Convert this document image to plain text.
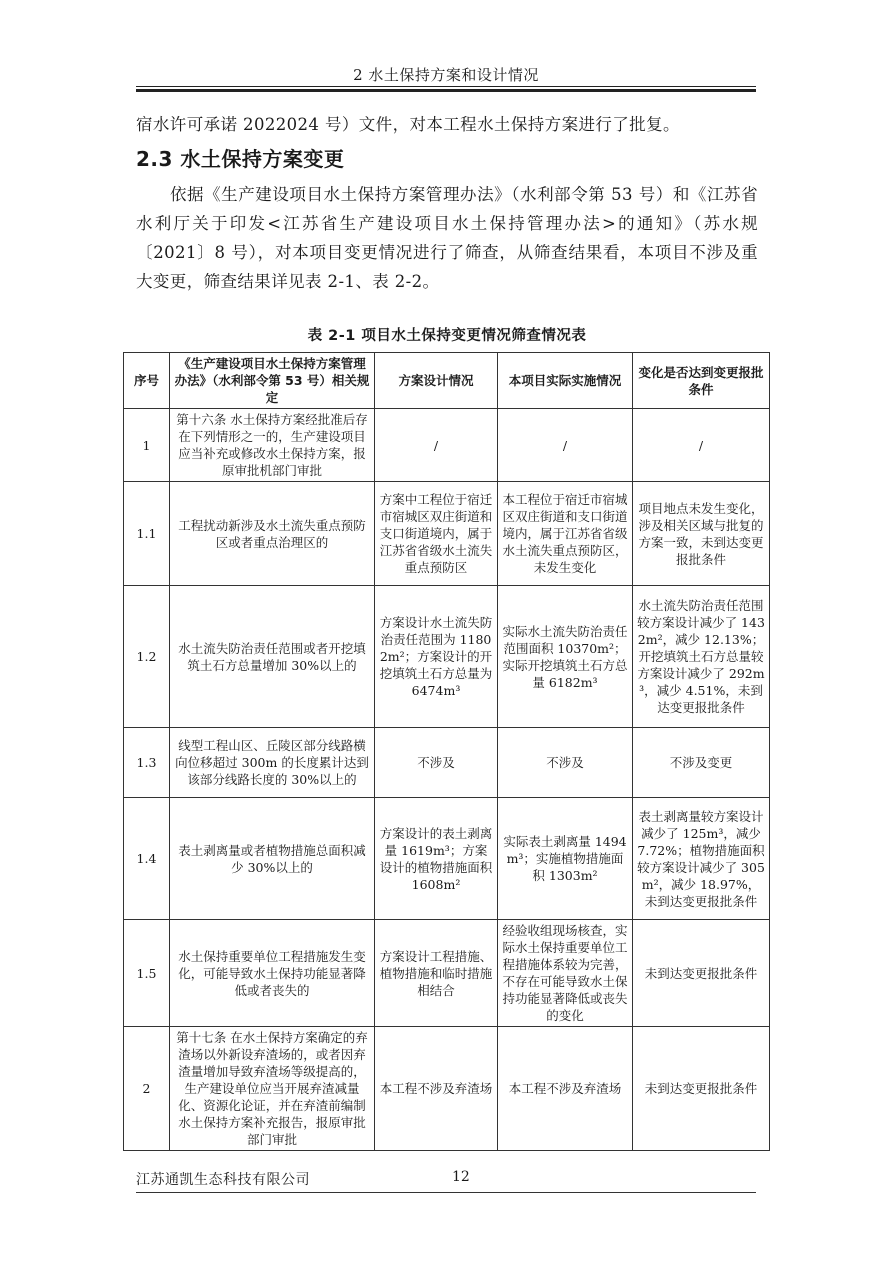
2 水土保持方案和设计情况
宿水许可承诺 2022024 号）文件，对本工程水土保持方案进行了批复。
2.3 水土保持方案变更
依据《生产建设项目水土保持方案管理办法》（水利部令第 53 号）和《江苏省水利厅关于印发<江苏省生产建设项目水土保持管理办法>的通知》（苏水规〔2021〕8 号），对本项目变更情况进行了筛查，从筛查结果看，本项目不涉及重大变更，筛查结果详见表 2-1、表 2-2。
表 2-1 项目水土保持变更情况筛查情况表
序号	《生产建设项目水土保持方案管理办法》（水利部令第 53 号）相关规定	方案设计情况	本项目实际实施情况	变化是否达到变更报批条件
1	第十六条 水土保持方案经批准后存在下列情形之一的，生产建设项目应当补充或修改水土保持方案，报原审批机部门审批	/	/	/
1.1	工程扰动新涉及水土流失重点预防区或者重点治理区的	方案中工程位于宿迁市宿城区双庄街道和支口街道境内，属于江苏省省级水土流失重点预防区	本工程位于宿迁市宿城区双庄街道和支口街道境内，属于江苏省省级水土流失重点预防区，未发生变化	项目地点未发生变化，涉及相关区域与批复的方案一致，未到达变更报批条件
1.2	水土流失防治责任范围或者开挖填筑土石方总量增加 30%以上的	方案设计水土流失防治责任范围为 11802m²；方案设计的开挖填筑土石方总量为 6474m³	实际水土流失防治责任范围面积 10370m²；实际开挖填筑土石方总量 6182m³	水土流失防治责任范围较方案设计减少了 1432m²，减少 12.13%；开挖填筑土石方总量较方案设计减少了 292m³，减少 4.51%，未到达变更报批条件
1.3	线型工程山区、丘陵区部分线路横向位移超过 300m 的长度累计达到该部分线路长度的 30%以上的	不涉及	不涉及	不涉及变更
1.4	表土剥离量或者植物措施总面积减少 30%以上的	方案设计的表土剥离量 1619m³；方案设计的植物措施面积 1608m²	实际表土剥离量 1494m³；实施植物措施面积 1303m²	表土剥离量较方案设计减少了 125m³，减少 7.72%；植物措施面积较方案设计减少了 305m²，减少 18.97%，未到达变更报批条件
1.5	水土保持重要单位工程措施发生变化，可能导致水土保持功能显著降低或者丧失的	方案设计工程措施、植物措施和临时措施相结合	经验收组现场核查，实际水土保持重要单位工程措施体系较为完善，不存在可能导致水土保持功能显著降低或丧失的变化	未到达变更报批条件
2	第十七条 在水土保持方案确定的弃渣场以外新设弃渣场的，或者因弃渣量增加导致弃渣场等级提高的，生产建设单位应当开展弃渣减量化、资源化论证，并在弃渣前编制水土保持方案补充报告，报原审批部门审批	本工程不涉及弃渣场	本工程不涉及弃渣场	未到达变更报批条件
江苏通凯生态科技有限公司	12
